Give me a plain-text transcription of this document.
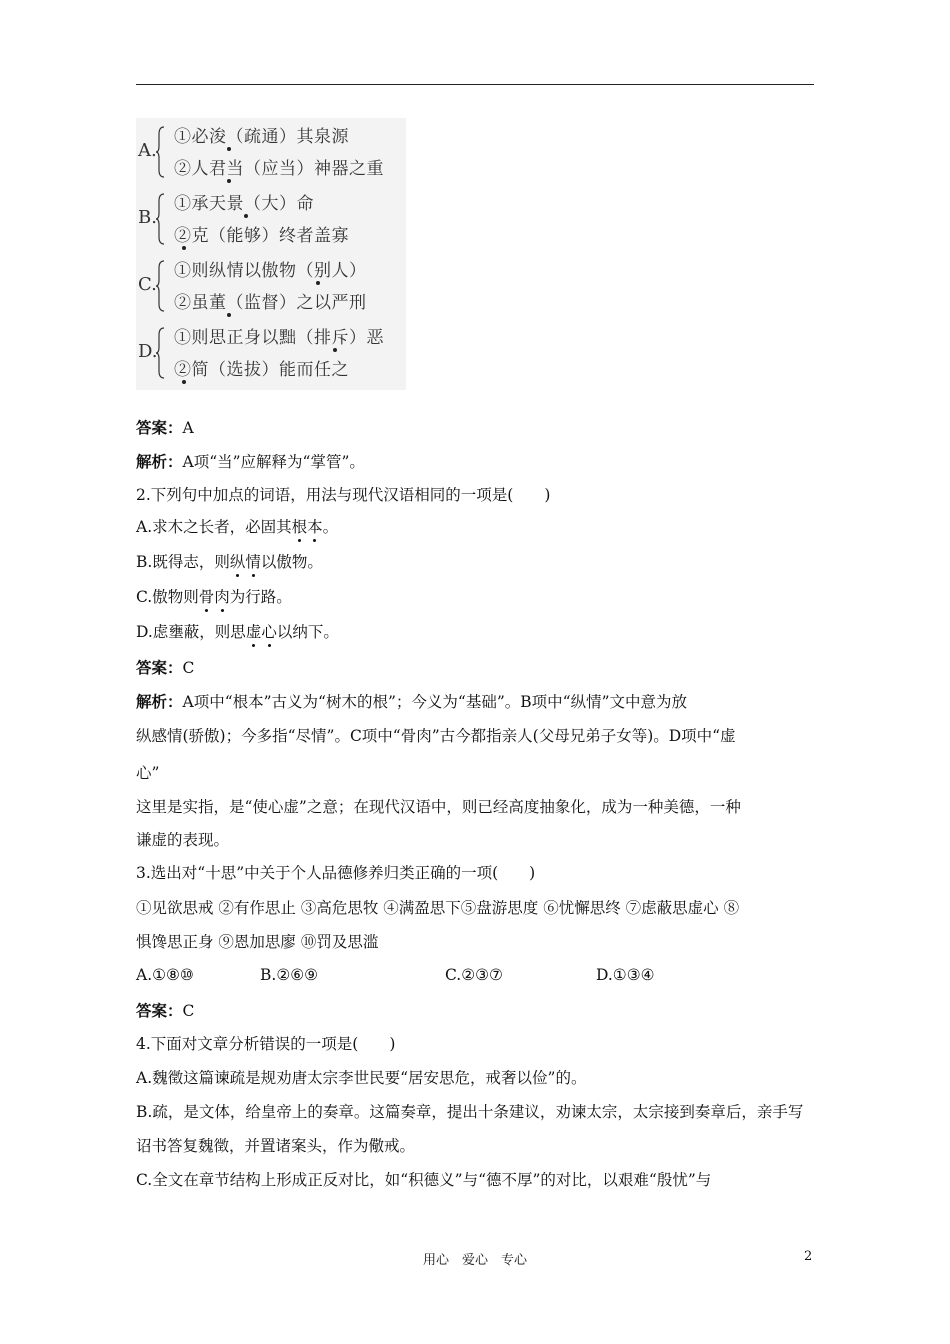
A.
①必浚（疏通）其泉源
②人君当（应当）神器之重
B.
①承天景（大）命
②克（能够）终者盖寡
C.
①则纵情以傲物（别人）
②虽董（监督）之以严刑
D.
①则思正身以黜（排斥）恶
②简（选拔）能而任之
答案：A
解析：A项“当”应解释为“掌管”。
2.下列句中加点的词语，用法与现代汉语相同的一项是(　　)
A.求木之长者，必固其根本。
B.既得志，则纵情以傲物。
C.傲物则骨肉为行路。
D.虑壅蔽，则思虚心以纳下。
答案：C
解析：A项中“根本”古义为“树木的根”；今义为“基础”。B项中“纵情”文中意为放
纵感情(骄傲)；今多指“尽情”。C项中“骨肉”古今都指亲人(父母兄弟子女等)。D项中“虚
心”
这里是实指，是“使心虚”之意；在现代汉语中，则已经高度抽象化，成为一种美德，一种
谦虚的表现。
3.选出对“十思”中关于个人品德修养归类正确的一项(　　)
①见欲思戒 ②有作思止 ③高危思牧 ④满盈思下⑤盘游思度 ⑥忧懈思终 ⑦虑蔽思虚心 ⑧
惧馋思正身 ⑨恩加思廖 ⑩罚及思滥
A.①⑧⑩	B.②⑥⑨	C.②③⑦	D.①③④
答案：C
4.下面对文章分析错误的一项是(　　)
A.魏徵这篇谏疏是规劝唐太宗李世民要“居安思危，戒奢以俭”的。
B.疏，是文体，给皇帝上的奏章。这篇奏章，提出十条建议，劝谏太宗，太宗接到奏章后，亲手写
诏书答复魏徵，并置诸案头，作为儆戒。
C.全文在章节结构上形成正反对比，如“积德义”与“德不厚”的对比，以艰难“殷忧”与
用心　爱心　专心	2
